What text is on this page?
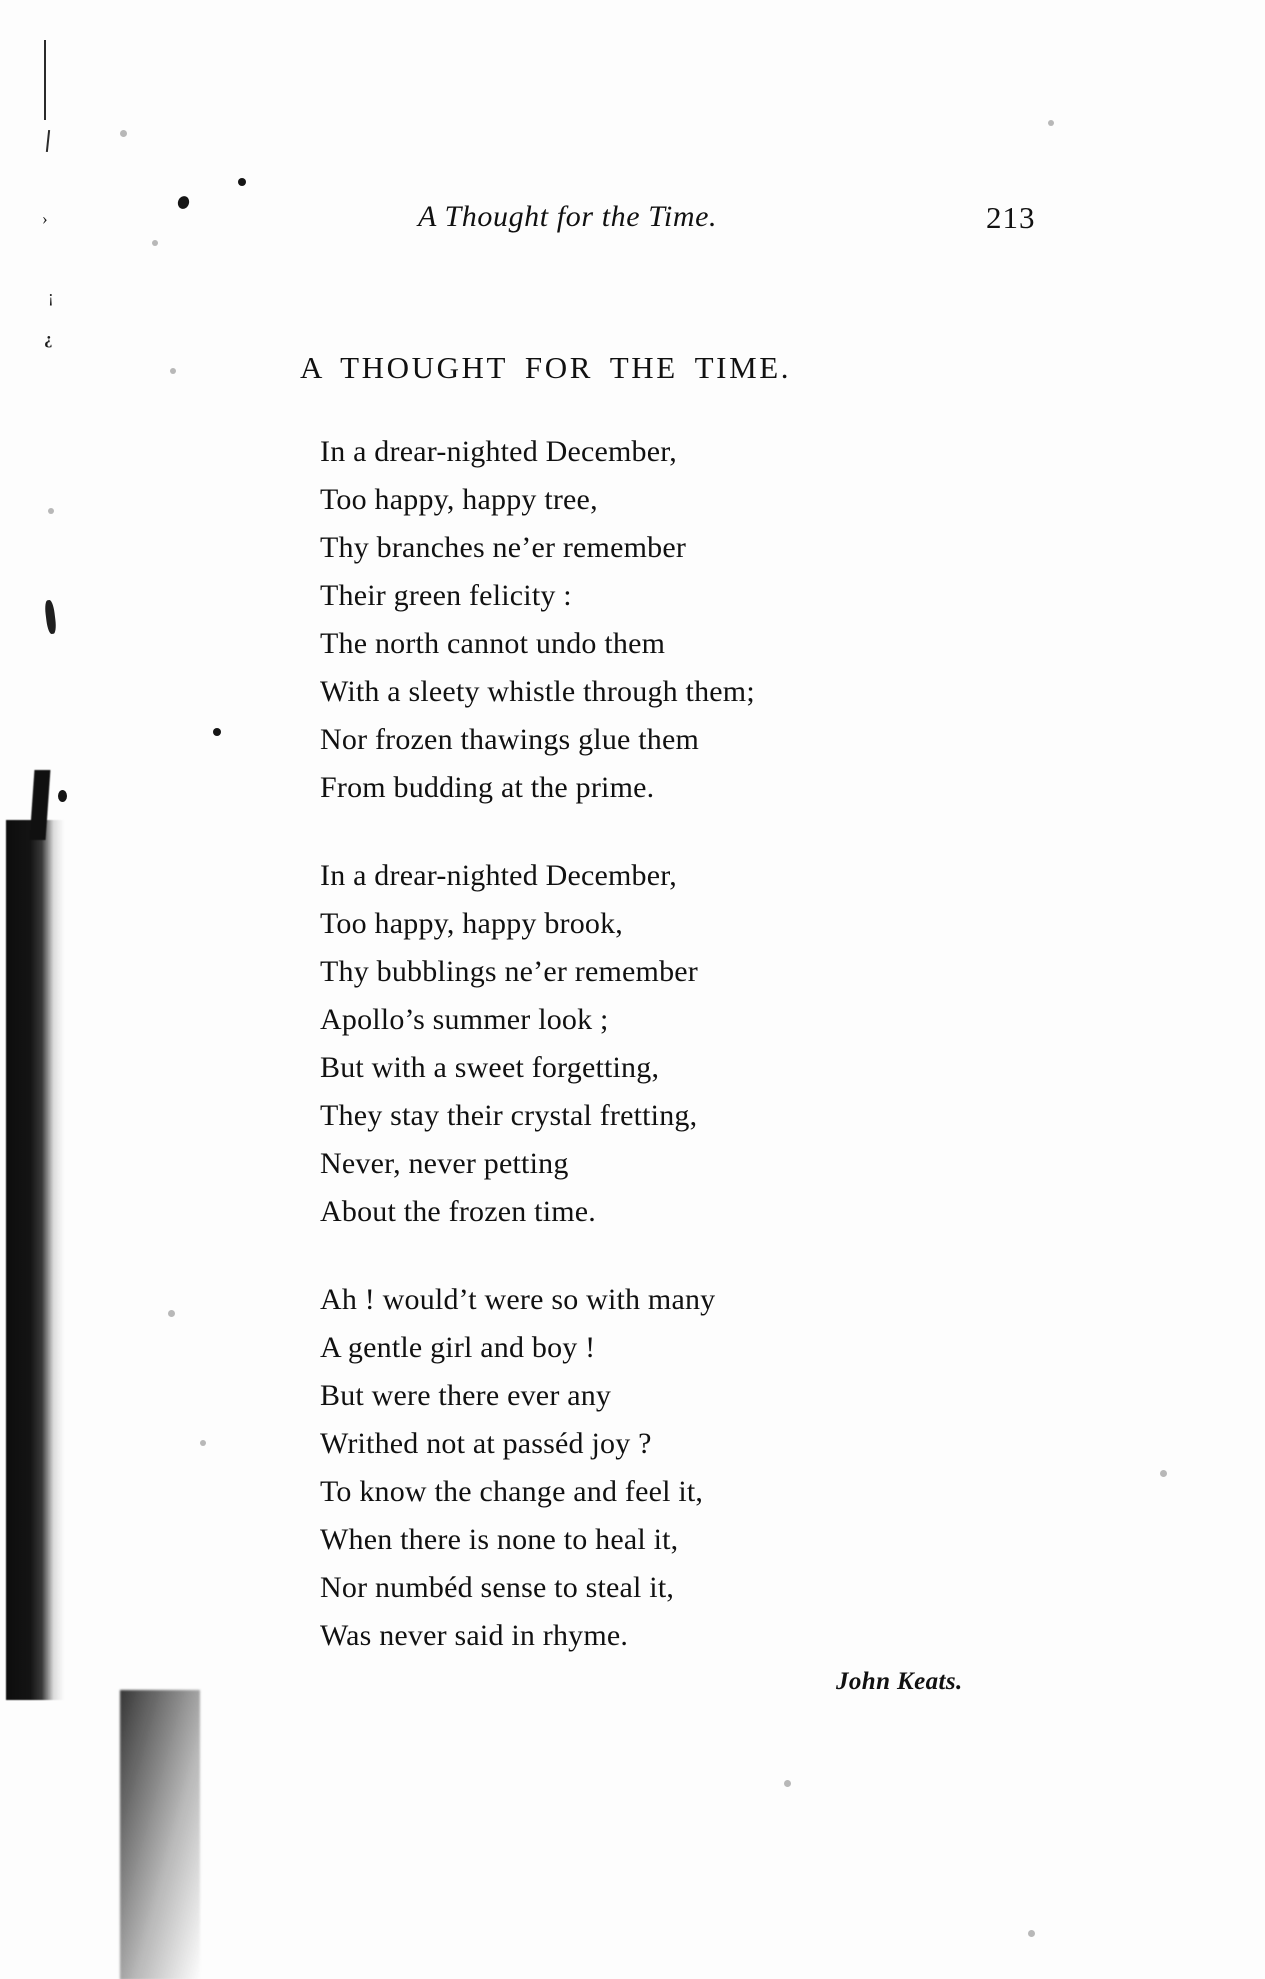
›
¡
¿
A Thought for the Time.	213
A THOUGHT FOR THE TIME.
In a drear-nighted December,
Too happy, happy tree,
Thy branches ne’er remember
Their green felicity :
The north cannot undo them
With a sleety whistle through them;
Nor frozen thawings glue them
From budding at the prime.
In a drear-nighted December,
Too happy, happy brook,
Thy bubblings ne’er remember
Apollo’s summer look ;
But with a sweet forgetting,
They stay their crystal fretting,
Never, never petting
About the frozen time.
Ah ! would’t were so with many
A gentle girl and boy !
But were there ever any
Writhed not at passéd joy ?
To know the change and feel it,
When there is none to heal it,
Nor numbéd sense to steal it,
Was never said in rhyme.
John Keats.
